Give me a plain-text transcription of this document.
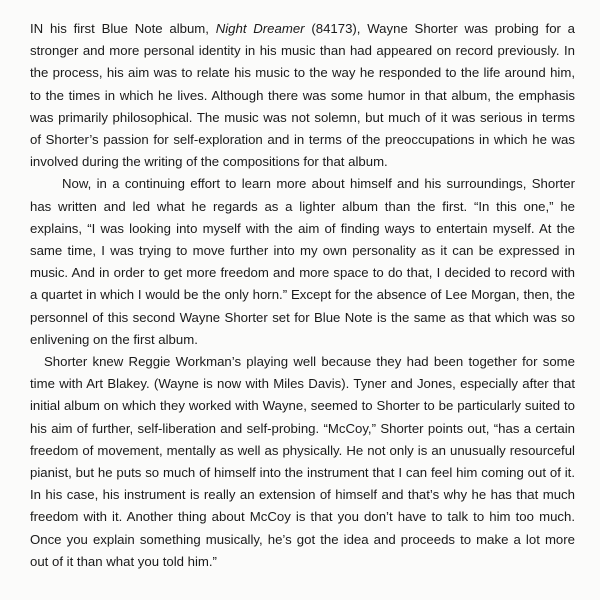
IN his first Blue Note album, Night Dreamer (84173), Wayne Shorter was probing for a stronger and more personal identity in his music than had appeared on record previously. In the process, his aim was to relate his music to the way he responded to the life around him, to the times in which he lives. Although there was some humor in that album, the emphasis was primarily philosophical. The music was not solemn, but much of it was serious in terms of Shorter’s passion for self-exploration and in terms of the preoccupations in which he was involved during the writing of the compositions for that album.

Now, in a continuing effort to learn more about himself and his surroundings, Shorter has written and led what he regards as a lighter album than the first. “In this one,” he explains, “I was looking into myself with the aim of finding ways to entertain myself. At the same time, I was trying to move further into my own personality as it can be expressed in music. And in order to get more freedom and more space to do that, I decided to record with a quartet in which I would be the only horn.” Except for the absence of Lee Morgan, then, the personnel of this second Wayne Shorter set for Blue Note is the same as that which was so enlivening on the first album.

Shorter knew Reggie Workman’s playing well because they had been together for some time with Art Blakey. (Wayne is now with Miles Davis). Tyner and Jones, especially after that initial album on which they worked with Wayne, seemed to Shorter to be particularly suited to his aim of further, self-liberation and self-probing. “McCoy,” Shorter points out, “has a certain freedom of movement, mentally as well as physically. He not only is an unusually resourceful pianist, but he puts so much of himself into the instrument that I can feel him coming out of it. In his case, his instrument is really an extension of himself and that’s why he has that much freedom with it. Another thing about McCoy is that you don’t have to talk to him too much. Once you explain something musically, he’s got the idea and proceeds to make a lot more out of it than what you told him.”
